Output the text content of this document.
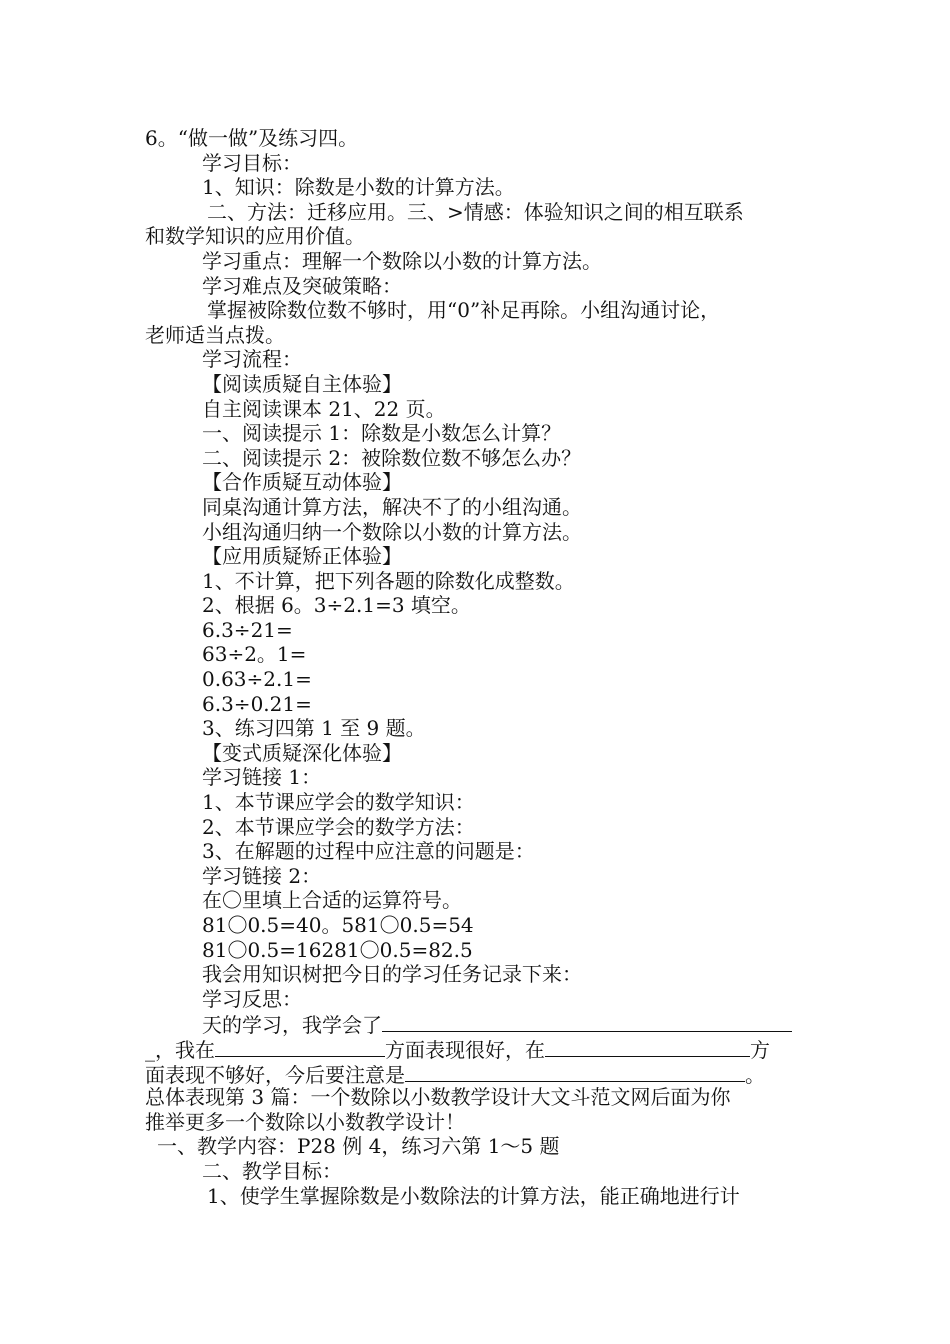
6。“做一做”及练习四。
学习目标：
1、知识：除数是小数的计算方法。
二、方法：迁移应用。三、>情感：体验知识之间的相互联系
和数学知识的应用价值。
学习重点：理解一个数除以小数的计算方法。
学习难点及突破策略：
掌握被除数位数不够时，用“0”补足再除。小组沟通讨论，
老师适当点拨。
学习流程：
【阅读质疑自主体验】
自主阅读课本 21、22 页。
一、阅读提示 1：除数是小数怎么计算？
二、阅读提示 2：被除数位数不够怎么办？
【合作质疑互动体验】
同桌沟通计算方法，解决不了的小组沟通。
小组沟通归纳一个数除以小数的计算方法。
【应用质疑矫正体验】
1、不计算，把下列各题的除数化成整数。
2、根据 6。3÷2.1=3 填空。
6.3÷21=
63÷2。1=
0.63÷2.1=
6.3÷0.21=
3、练习四第 1 至 9 题。
【变式质疑深化体验】
学习链接 1：
1、本节课应学会的数学知识：
2、本节课应学会的数学方法：
3、在解题的过程中应注意的问题是：
学习链接 2：
在〇里填上合适的运算符号。
81〇0.5=40。581〇0.5=54
81〇0.5=16281〇0.5=82.5
我会用知识树把今日的学习任务记录下来：
学习反思：
天的学习，我学会了
_，我在	方面表现很好，在	方
面表现不够好，今后要注意是	。
总体表现第 3 篇：一个数除以小数教学设计大文斗范文网后面为你
推举更多一个数除以小数教学设计！
一、教学内容：P28 例 4，练习六第 1～5 题
二、教学目标：
1、使学生掌握除数是小数除法的计算方法，能正确地进行计
